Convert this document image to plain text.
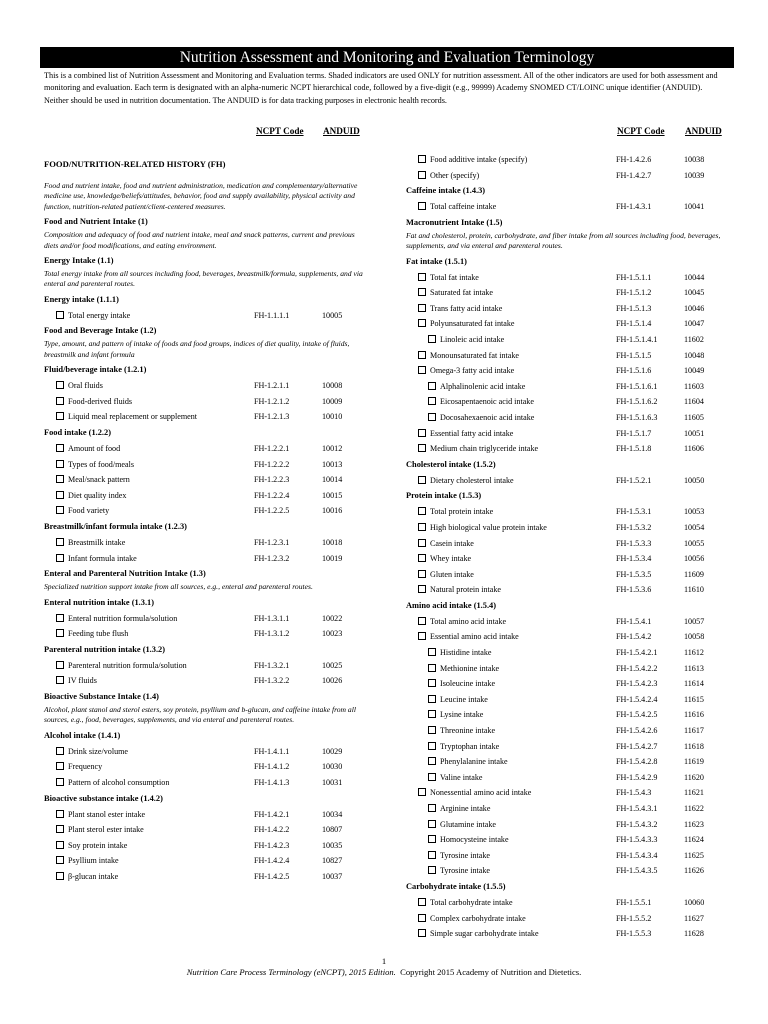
Nutrition Assessment and Monitoring and Evaluation Terminology
This is a combined list of Nutrition Assessment and Monitoring and Evaluation terms. Shaded indicators are used ONLY for nutrition assessment. All of the other indicators are used for both assessment and monitoring and evaluation. Each term is designated with an alpha-numeric NCPT hierarchical code, followed by a five-digit (e.g., 99999) Academy SNOMED CT/LOINC unique identifier (ANDUID). Neither should be used in nutrition documentation. The ANDUID is for data tracking purposes in electronic health records.
NCPT Code ANDUID	NCPT Code ANDUID
FOOD/NUTRITION-RELATED HISTORY (FH)
Food and nutrient intake, food and nutrient administration, medication and complementary/alternative medicine use, knowledge/beliefs/attitudes, behavior, food and supply availability, physical activity and function, nutrition-related patient/client-centered measures.
Food and Nutrient Intake (1)
Composition and adequacy of food and nutrient intake, meal and snack patterns, current and previous diets and/or food modifications, and eating environment.
Energy Intake (1.1)
Total energy intake from all sources including food, beverages, breastmilk/formula, supplements, and via enteral and parenteral routes.
Energy intake (1.1.1)
Total energy intake	FH-1.1.1.1	10005
Food and Beverage Intake (1.2)
Type, amount, and pattern of intake of foods and food groups, indices of diet quality, intake of fluids, breastmilk and infant formula
Fluid/beverage intake (1.2.1)
Oral fluids	FH-1.2.1.1	10008
Food-derived fluids	FH-1.2.1.2	10009
Liquid meal replacement or supplement	FH-1.2.1.3	10010
Food intake (1.2.2)
Amount of food	FH-1.2.2.1	10012
Types of food/meals	FH-1.2.2.2	10013
Meal/snack pattern	FH-1.2.2.3	10014
Diet quality index	FH-1.2.2.4	10015
Food variety	FH-1.2.2.5	10016
Breastmilk/infant formula intake (1.2.3)
Breastmilk intake	FH-1.2.3.1	10018
Infant formula intake	FH-1.2.3.2	10019
Enteral and Parenteral Nutrition Intake (1.3)
Specialized nutrition support intake from all sources, e.g., enteral and parenteral routes.
Enteral nutrition intake (1.3.1)
Enteral nutrition formula/solution	FH-1.3.1.1	10022
Feeding tube flush	FH-1.3.1.2	10023
Parenteral nutrition intake (1.3.2)
Parenteral nutrition formula/solution	FH-1.3.2.1	10025
IV fluids	FH-1.3.2.2	10026
Bioactive Substance Intake (1.4)
Alcohol, plant stanol and sterol esters, soy protein, psyllium and b-glucan, and caffeine intake from all sources, e.g., food, beverages, supplements, and via enteral and parenteral routes.
Alcohol intake (1.4.1)
Drink size/volume	FH-1.4.1.1	10029
Frequency	FH-1.4.1.2	10030
Pattern of alcohol consumption	FH-1.4.1.3	10031
Bioactive substance intake (1.4.2)
Plant stanol ester intake	FH-1.4.2.1	10034
Plant sterol ester intake	FH-1.4.2.2	10807
Soy protein intake	FH-1.4.2.3	10035
Psyllium intake	FH-1.4.2.4	10827
β-glucan intake	FH-1.4.2.5	10037
Food additive intake (specify)	FH-1.4.2.6	10038
Other (specify)	FH-1.4.2.7	10039
Caffeine intake (1.4.3)
Total caffeine intake	FH-1.4.3.1	10041
Macronutrient Intake (1.5)
Fat and cholesterol, protein, carbohydrate, and fiber intake from all sources including food, beverages, supplements, and via enteral and parenteral routes.
Fat intake (1.5.1)
Total fat intake	FH-1.5.1.1	10044
Saturated fat intake	FH-1.5.1.2	10045
Trans fatty acid intake	FH-1.5.1.3	10046
Polyunsaturated fat intake	FH-1.5.1.4	10047
Linoleic acid intake	FH-1.5.1.4.1	11602
Monounsaturated fat intake	FH-1.5.1.5	10048
Omega-3 fatty acid intake	FH-1.5.1.6	10049
Alphalinolenic acid intake	FH-1.5.1.6.1	11603
Eicosapentaenoic acid intake	FH-1.5.1.6.2	11604
Docosahexaenoic acid intake	FH-1.5.1.6.3	11605
Essential fatty acid intake	FH-1.5.1.7	10051
Medium chain triglyceride intake	FH-1.5.1.8	11606
Cholesterol intake (1.5.2)
Dietary cholesterol intake	FH-1.5.2.1	10050
Protein intake (1.5.3)
Total protein intake	FH-1.5.3.1	10053
High biological value protein intake	FH-1.5.3.2	10054
Casein intake	FH-1.5.3.3	10055
Whey intake	FH-1.5.3.4	10056
Gluten intake	FH-1.5.3.5	11609
Natural protein intake	FH-1.5.3.6	11610
Amino acid intake (1.5.4)
Total amino acid intake	FH-1.5.4.1	10057
Essential amino acid intake	FH-1.5.4.2	10058
Histidine intake	FH-1.5.4.2.1	11612
Methionine intake	FH-1.5.4.2.2	11613
Isoleucine intake	FH-1.5.4.2.3	11614
Leucine intake	FH-1.5.4.2.4	11615
Lysine intake	FH-1.5.4.2.5	11616
Threonine intake	FH-1.5.4.2.6	11617
Tryptophan intake	FH-1.5.4.2.7	11618
Phenylalanine intake	FH-1.5.4.2.8	11619
Valine intake	FH-1.5.4.2.9	11620
Nonessential amino acid intake	FH-1.5.4.3	11621
Arginine intake	FH-1.5.4.3.1	11622
Glutamine intake	FH-1.5.4.3.2	11623
Homocysteine intake	FH-1.5.4.3.3	11624
Tyrosine intake	FH-1.5.4.3.4	11625
Tyrosine intake	FH-1.5.4.3.5	11626
Carbohydrate intake (1.5.5)
Total carbohydrate intake	FH-1.5.5.1	10060
Complex carbohydrate intake	FH-1.5.5.2	11627
Simple sugar carbohydrate intake	FH-1.5.5.3	11628
1
Nutrition Care Process Terminology (eNCPT), 2015 Edition. Copyright 2015 Academy of Nutrition and Dietetics.
